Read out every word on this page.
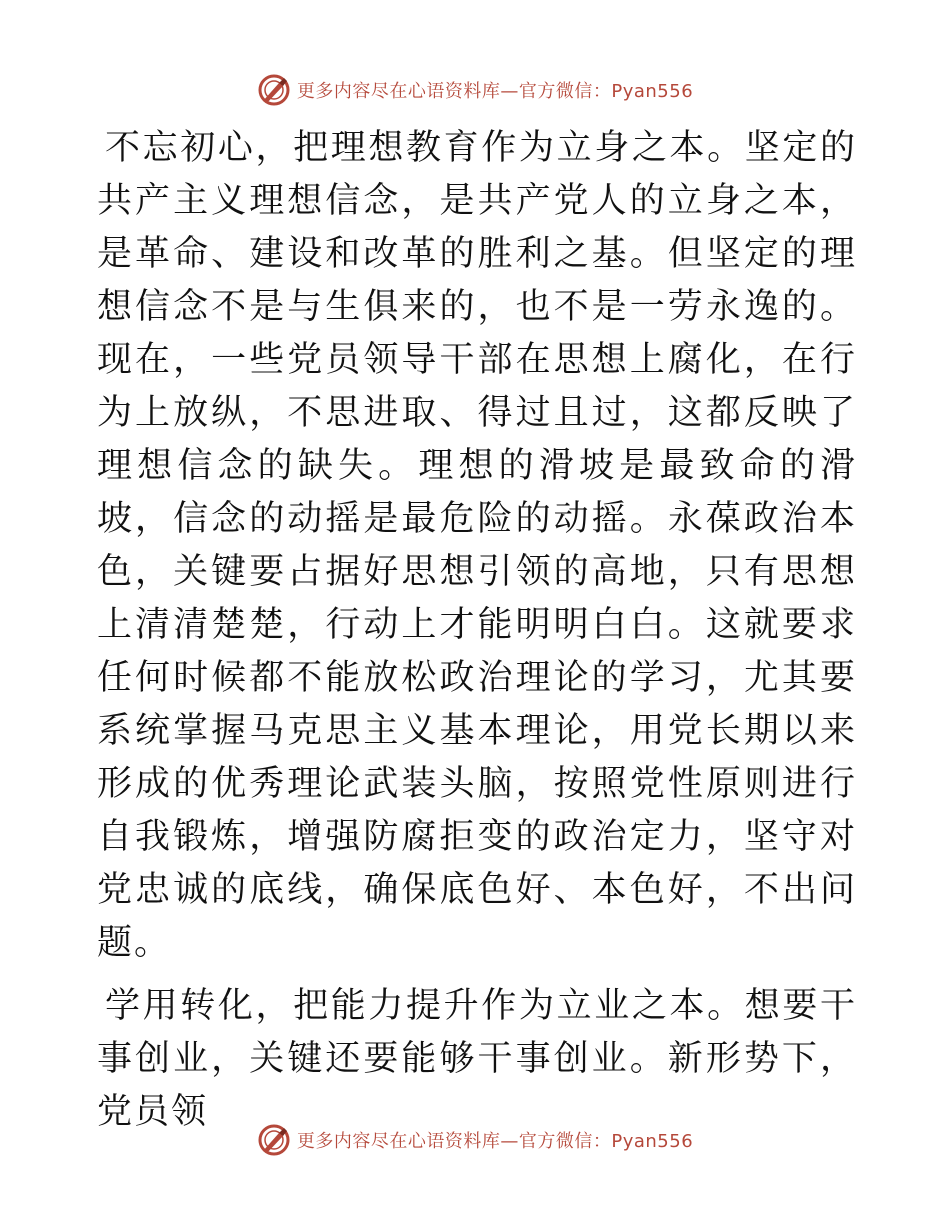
更多内容尽在心语资料库—官方微信：Pyan556

不忘初心，把理想教育作为立身之本。坚定的共产主义理想信念，是共产党人的立身之本，是革命、建设和改革的胜利之基。但坚定的理想信念不是与生俱来的，也不是一劳永逸的。现在，一些党员领导干部在思想上腐化，在行为上放纵，不思进取、得过且过，这都反映了理想信念的缺失。理想的滑坡是最致命的滑坡，信念的动摇是最危险的动摇。永葆政治本色，关键要占据好思想引领的高地，只有思想上清清楚楚，行动上才能明明白白。这就要求任何时候都不能放松政治理论的学习，尤其要系统掌握马克思主义基本理论，用党长期以来形成的优秀理论武装头脑，按照党性原则进行自我锻炼，增强防腐拒变的政治定力，坚守对党忠诚的底线，确保底色好、本色好，不出问题。

学用转化，把能力提升作为立业之本。想要干事创业，关键还要能够干事创业。新形势下，党员领

更多内容尽在心语资料库—官方微信：Pyan556
